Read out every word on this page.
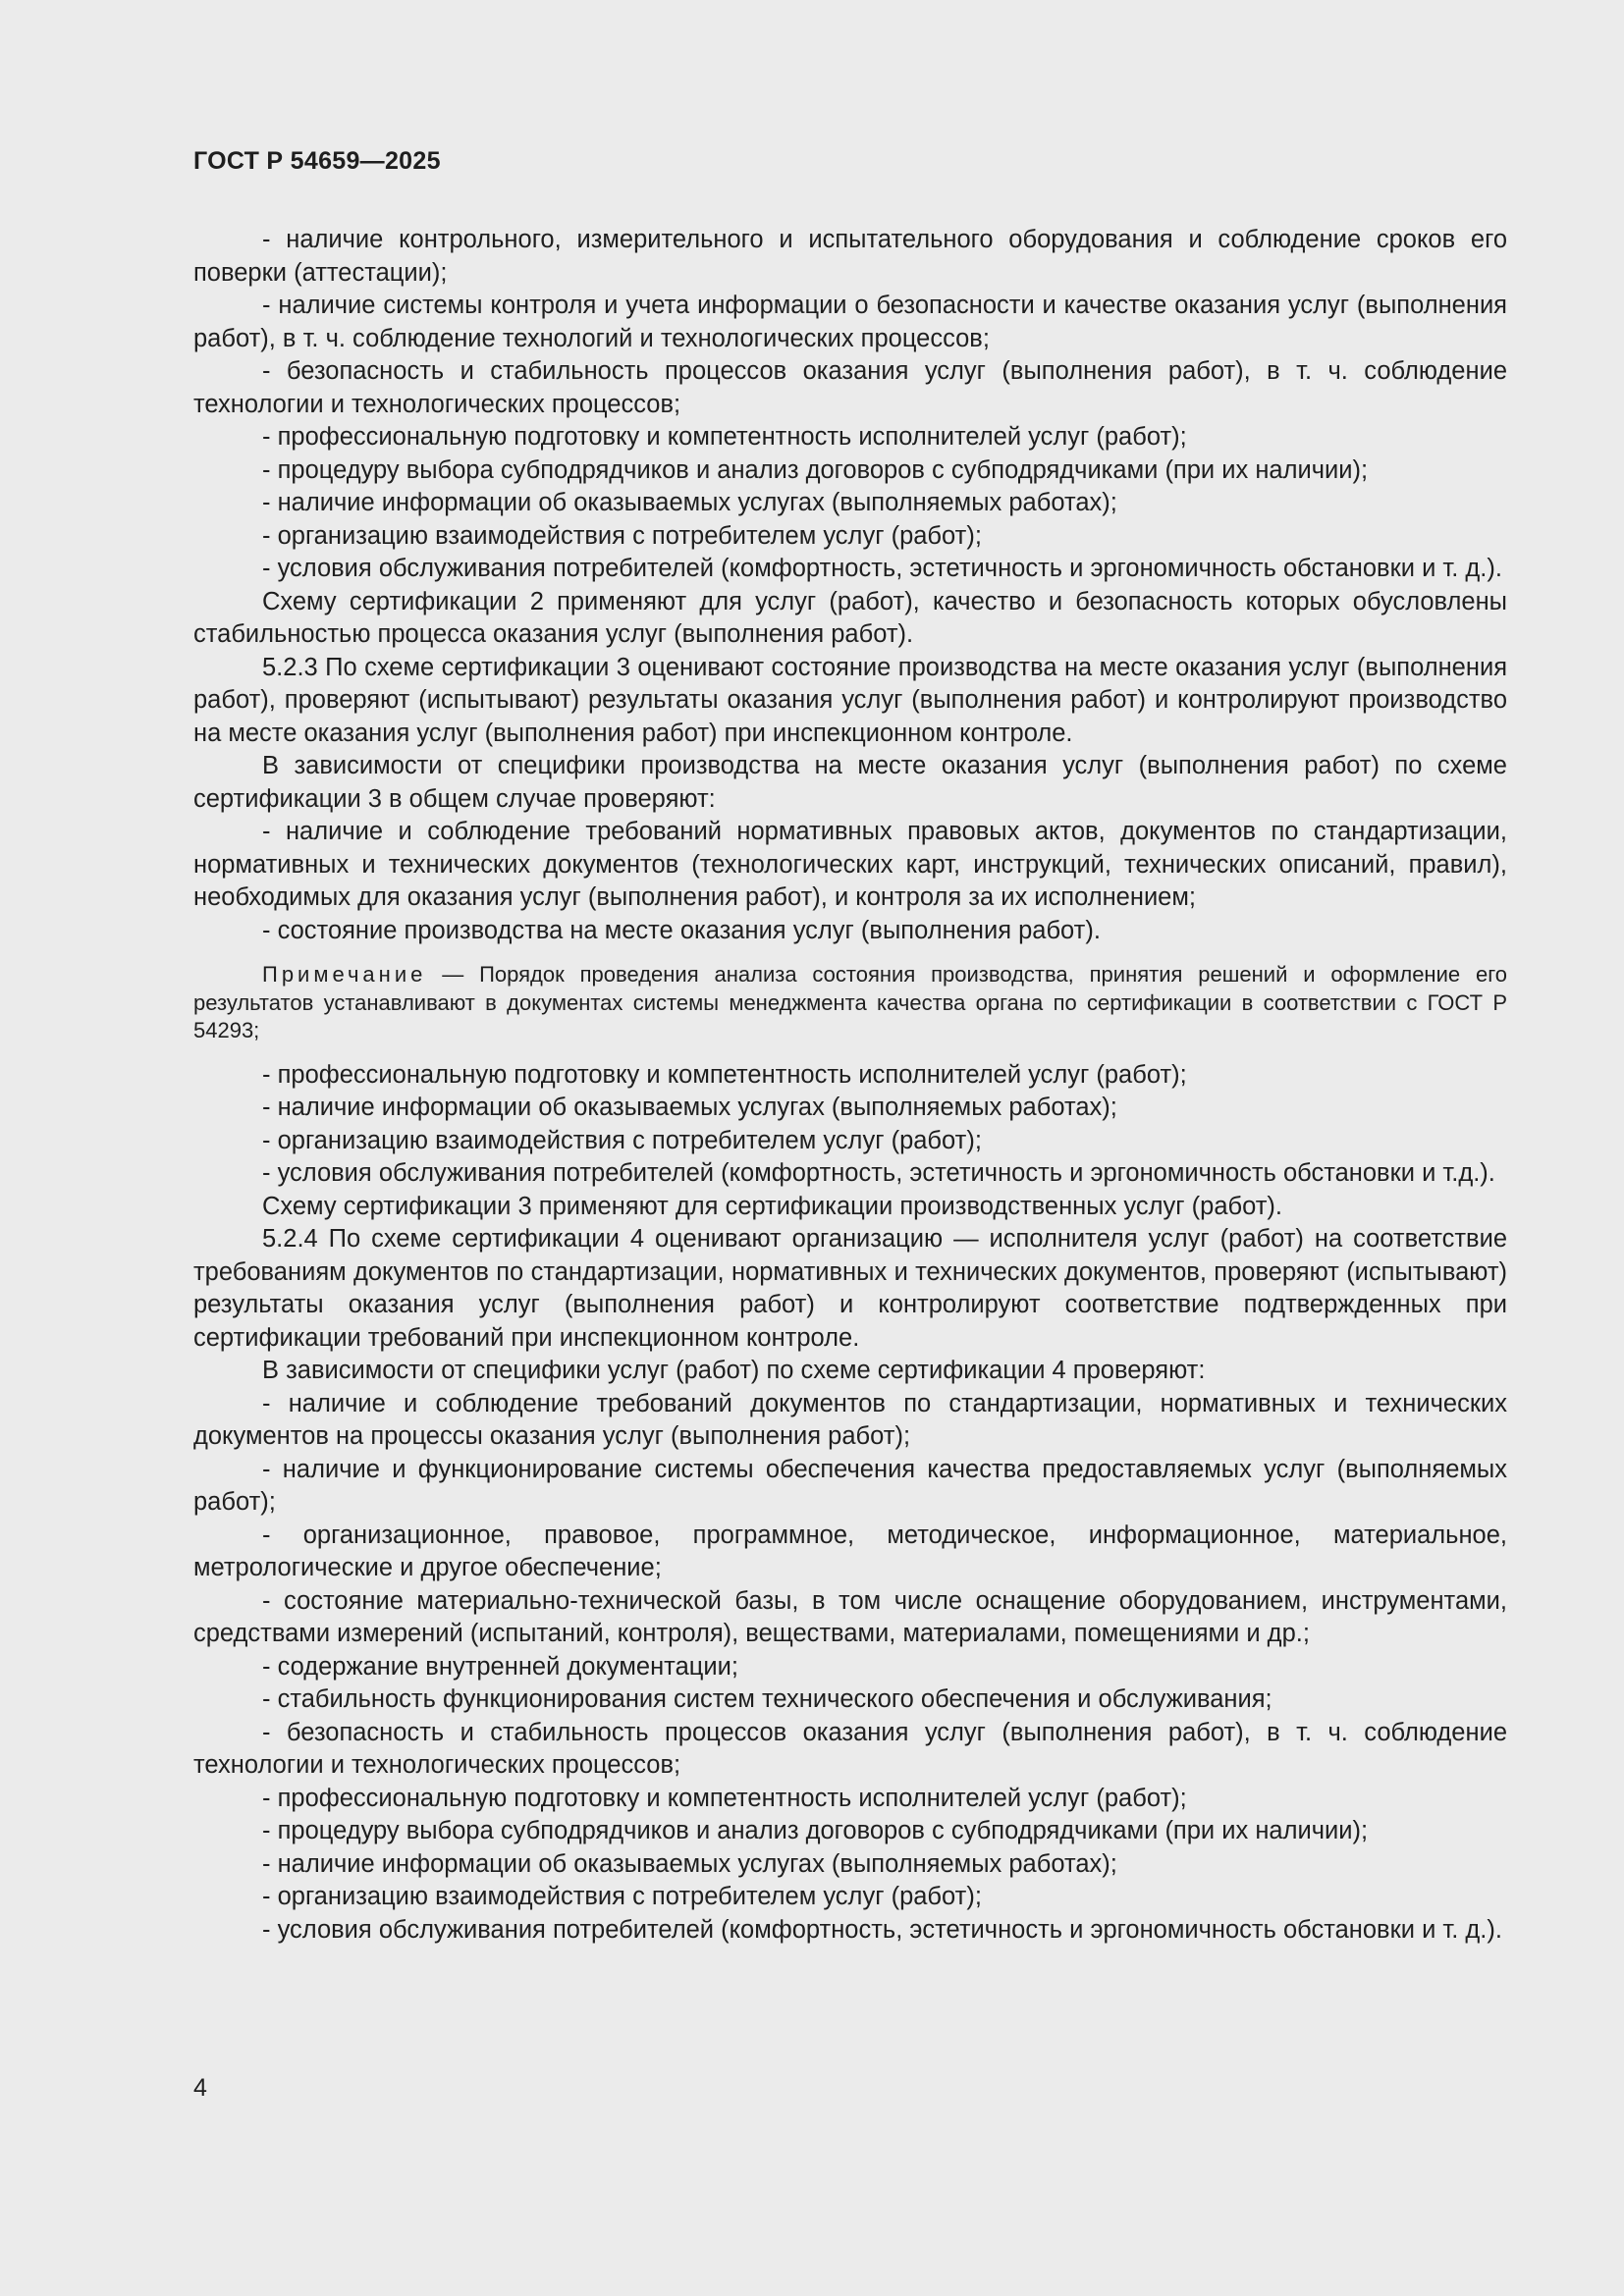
ГОСТ Р 54659—2025

- наличие контрольного, измерительного и испытательного оборудования и соблюдение сроков его поверки (аттестации);

- наличие системы контроля и учета информации о безопасности и качестве оказания услуг (выполнения работ), в т. ч. соблюдение технологий и технологических процессов;

- безопасность и стабильность процессов оказания услуг (выполнения работ), в т. ч. соблюдение технологии и технологических процессов;

- профессиональную подготовку и компетентность исполнителей услуг (работ);

- процедуру выбора субподрядчиков и анализ договоров с субподрядчиками (при их наличии);

- наличие информации об оказываемых услугах (выполняемых работах);

- организацию взаимодействия с потребителем услуг (работ);

- условия обслуживания потребителей (комфортность, эстетичность и эргономичность обстановки и т. д.).

Схему сертификации 2 применяют для услуг (работ), качество и безопасность которых обусловлены стабильностью процесса оказания услуг (выполнения работ).

5.2.3 По схеме сертификации 3 оценивают состояние производства на месте оказания услуг (выполнения работ), проверяют (испытывают) результаты оказания услуг (выполнения работ) и контролируют производство на месте оказания услуг (выполнения работ) при инспекционном контроле.

В зависимости от специфики производства на месте оказания услуг (выполнения работ) по схеме сертификации 3 в общем случае проверяют:

- наличие и соблюдение требований нормативных правовых актов, документов по стандартизации, нормативных и технических документов (технологических карт, инструкций, технических описаний, правил), необходимых для оказания услуг (выполнения работ), и контроля за их исполнением;

- состояние производства на месте оказания услуг (выполнения работ).

Примечание — Порядок проведения анализа состояния производства, принятия решений и оформление его результатов устанавливают в документах системы менеджмента качества органа по сертификации в соответствии с ГОСТ Р 54293;

- профессиональную подготовку и компетентность исполнителей услуг (работ);

- наличие информации об оказываемых услугах (выполняемых работах);

- организацию взаимодействия с потребителем услуг (работ);

- условия обслуживания потребителей (комфортность, эстетичность и эргономичность обстановки и т.д.).

Схему сертификации 3 применяют для сертификации производственных услуг (работ).

5.2.4 По схеме сертификации 4 оценивают организацию — исполнителя услуг (работ) на соответствие требованиям документов по стандартизации, нормативных и технических документов, проверяют (испытывают) результаты оказания услуг (выполнения работ) и контролируют соответствие подтвержденных при сертификации требований при инспекционном контроле.

В зависимости от специфики услуг (работ) по схеме сертификации 4 проверяют:

- наличие и соблюдение требований документов по стандартизации, нормативных и технических документов на процессы оказания услуг (выполнения работ);

- наличие и функционирование системы обеспечения качества предоставляемых услуг (выполняемых работ);

- организационное, правовое, программное, методическое, информационное, материальное, метрологические и другое обеспечение;

- состояние материально-технической базы, в том числе оснащение оборудованием, инструментами, средствами измерений (испытаний, контроля), веществами, материалами, помещениями и др.;

- содержание внутренней документации;

- стабильность функционирования систем технического обеспечения и обслуживания;

- безопасность и стабильность процессов оказания услуг (выполнения работ), в т. ч. соблюдение технологии и технологических процессов;

- профессиональную подготовку и компетентность исполнителей услуг (работ);

- процедуру выбора субподрядчиков и анализ договоров с субподрядчиками (при их наличии);

- наличие информации об оказываемых услугах (выполняемых работах);

- организацию взаимодействия с потребителем услуг (работ);

- условия обслуживания потребителей (комфортность, эстетичность и эргономичность обстановки и т. д.).

4
